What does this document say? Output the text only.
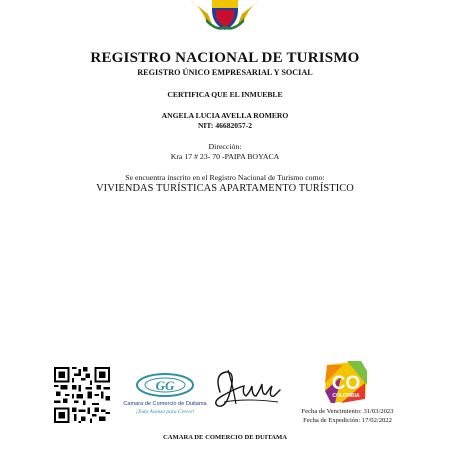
REGISTRO NACIONAL DE TURISMO
REGISTRO ÚNICO EMPRESARIAL Y SOCIAL
CERTIFICA QUE EL INMUEBLE
ANGELA LUCIA AVELLA ROMERO
NIT: 46682057-2
Dirección:
Kra 17 # 23- 70 -PAIPA BOYACA
Se encuentra inscrito en el Registro Nacional de Turismo como:
VIVIENDAS TURÍSTICAS APARTAMENTO TURÍSTICO
GG
Camara de Comercio de Duitama
¡Todo Avanza para Crecer!
CO
COLOMBIA
Fecha de Vencimiento: 31/03/2023
Fecha de Expedición: 17/02/2022
CAMARA DE COMERCIO DE DUITAMA
